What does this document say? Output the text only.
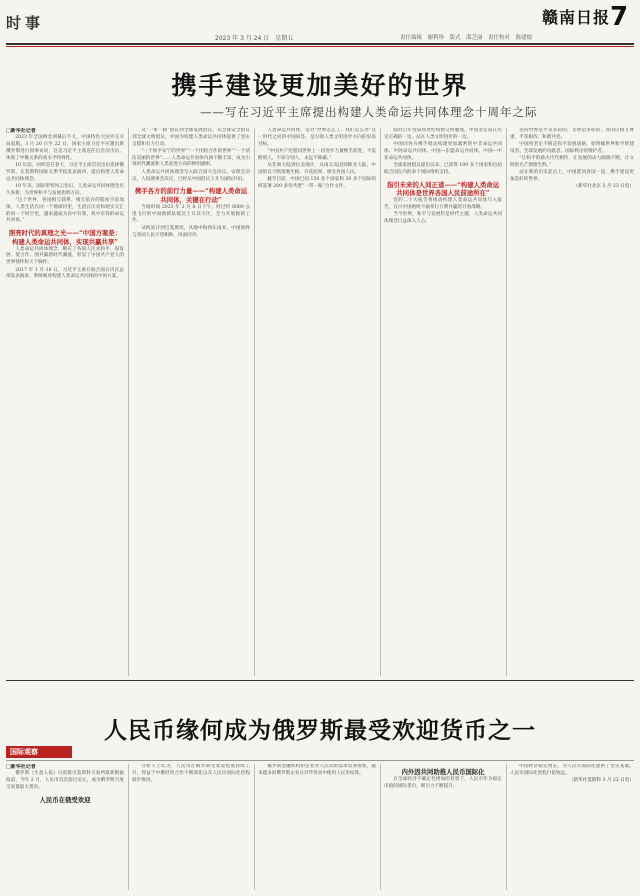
时事
2023 年 3 月 24 日　星期五	责任编辑　谢利珍　版式　邵芝丽　责任校对　陈建德
赣南日报 7
携手建设更加美好的世界
——写在习近平主席提出构建人类命运共同体理念十周年之际

□新华社记者

2023 年全国两会闭幕后不久，中国特色大国外交开局起航。3 月 20 日至 22 日，国家主席习近平应邀出席俄罗斯进行国事访问，这是习近平主席连任后首次出访，体现了中俄关系的高水平特殊性。

10 年前，同样是在春天，习近平主席首次出访选择俄罗斯，在莫斯科国际关系学院发表演讲，提出构建人类命运共同体理念。

10 年来，国际形势风云变幻，人类命运共同体理念历久弥新，为世界和平与发展指明方向。

“这个世界，各国相互联系、相互依存的程度空前加深，人类生活在同一个地球村里，生活在历史和现实交汇的同一个时空里，越来越成为你中有我、我中有你的命运共同体。”

照亮时代的真理之光——“中国方案是：构建人类命运共同体，实现共赢共享”

人类命运共同体理念，顺应了各国人民求和平、谋发展、促合作、图共赢的时代潮流，彰显了中国共产党人的世界情怀和天下胸怀。

2017 年 1 月 18 日，习近平主席在联合国日内瓦总部发表演讲，系统阐述构建人类命运共同体的中国方案。

从“一带一路”倡议到全球发展倡议，从全球安全倡议到全球文明倡议，中国为构建人类命运共同体提供了坚实支撑和有力行动。

“一个和平安宁的世界”“一个团结合作的世界”“一个清洁美丽的世界”……人类命运共同体内涵不断丰富，成为引领时代潮流和人类前进方向的鲜明旗帜。

人类命运共同体理念写入联合国大会决议、安理会决议、人权理事会决议，已经从中国倡议上升为国际共识。

携手各方的前行力量——“构建人类命运共同体，关键在行动”

当地时间 2023 年 2 月 8 日下午，经过约 8000 公里飞行的中国救援队抵达土耳其灾区，全力开展救援工作。

从阿富汗到巴基斯坦，从地中海到东南亚，中国始终与各国人民守望相助、风雨同舟。

人类命运共同体，是对“世界怎么了、我们怎么办”这一时代之问的中国回答，是引领人类文明进步方向的崇高目标。

“中国共产党愿同世界上一切进步力量携手前进，不依附别人，不掠夺别人，永远不称霸。”

从非洲大陆到拉美地区，从南太岛国到欧亚大陆，中国倡议不断落地生根、开花结果，惠及各国人民。

截至目前，中国已同 150 多个国家和 30 多个国际组织签署 200 多份共建“一带一路”合作文件。

面对百年变局和世纪疫情交织叠加，中国坚定站在历史正确的一边，站在人类文明进步的一边。

中国同各方携手推动构建更加紧密的中非命运共同体、中阿命运共同体、中国—东盟命运共同体、中国—中亚命运共同体。

全球发展倡议提出以来，已获得 100 多个国家和包括联合国在内的多个国际组织支持。

指引未来的人间正道——“构建人类命运共同体是世界各国人民前途所在”

党的二十大报告将推动构建人类命运共同体写入报告，宣示中国始终不渝奉行互利共赢的开放战略。

当今世界，和平与发展仍是时代主题，人类命运共同体理念日益深入人心。

坚持世界是平等多彩的，文明是多样的，各国应相互尊重、平等相待、和谐共处。

中国将坚定不移走和平发展道路，始终做世界和平的建设者、全球发展的贡献者、国际秩序的维护者。

“让和平的薪火代代相传，让发展的动力源源不断，让文明的光芒熠熠生辉。”

站在新的历史起点上，中国愿同各国一道，携手建设更加美好的世界。

（新华社北京 3 月 23 日电）

人民币缘何成为俄罗斯最受欢迎货币之一
国际观察

□新华社记者

俄罗斯《生意人报》日前援引莫斯科交易所最新数据报道，今年 2 月，人民币首次超过美元，成为俄罗斯月度交易量最大货币。

人民币在俄受欢迎

分析人士认为，人民币在俄罗斯受欢迎程度持续上升，得益于中俄经贸合作不断深化以及人民币国际化进程稳步推进。

俄罗斯金融机构和企业对人民币的需求显著增加，越来越多的俄罗斯企业在对华贸易中使用人民币结算。	内外因共同助推人民币国际化

在全球经济不确定性增加的背景下，人民币作为稳定币值的国际货币，吸引力不断提升。

中国经济稳定增长，为人民币国际化提供了坚实基础。人民币国际化进程行稳致远。

（新华社莫斯科 3 月 22 日电）
